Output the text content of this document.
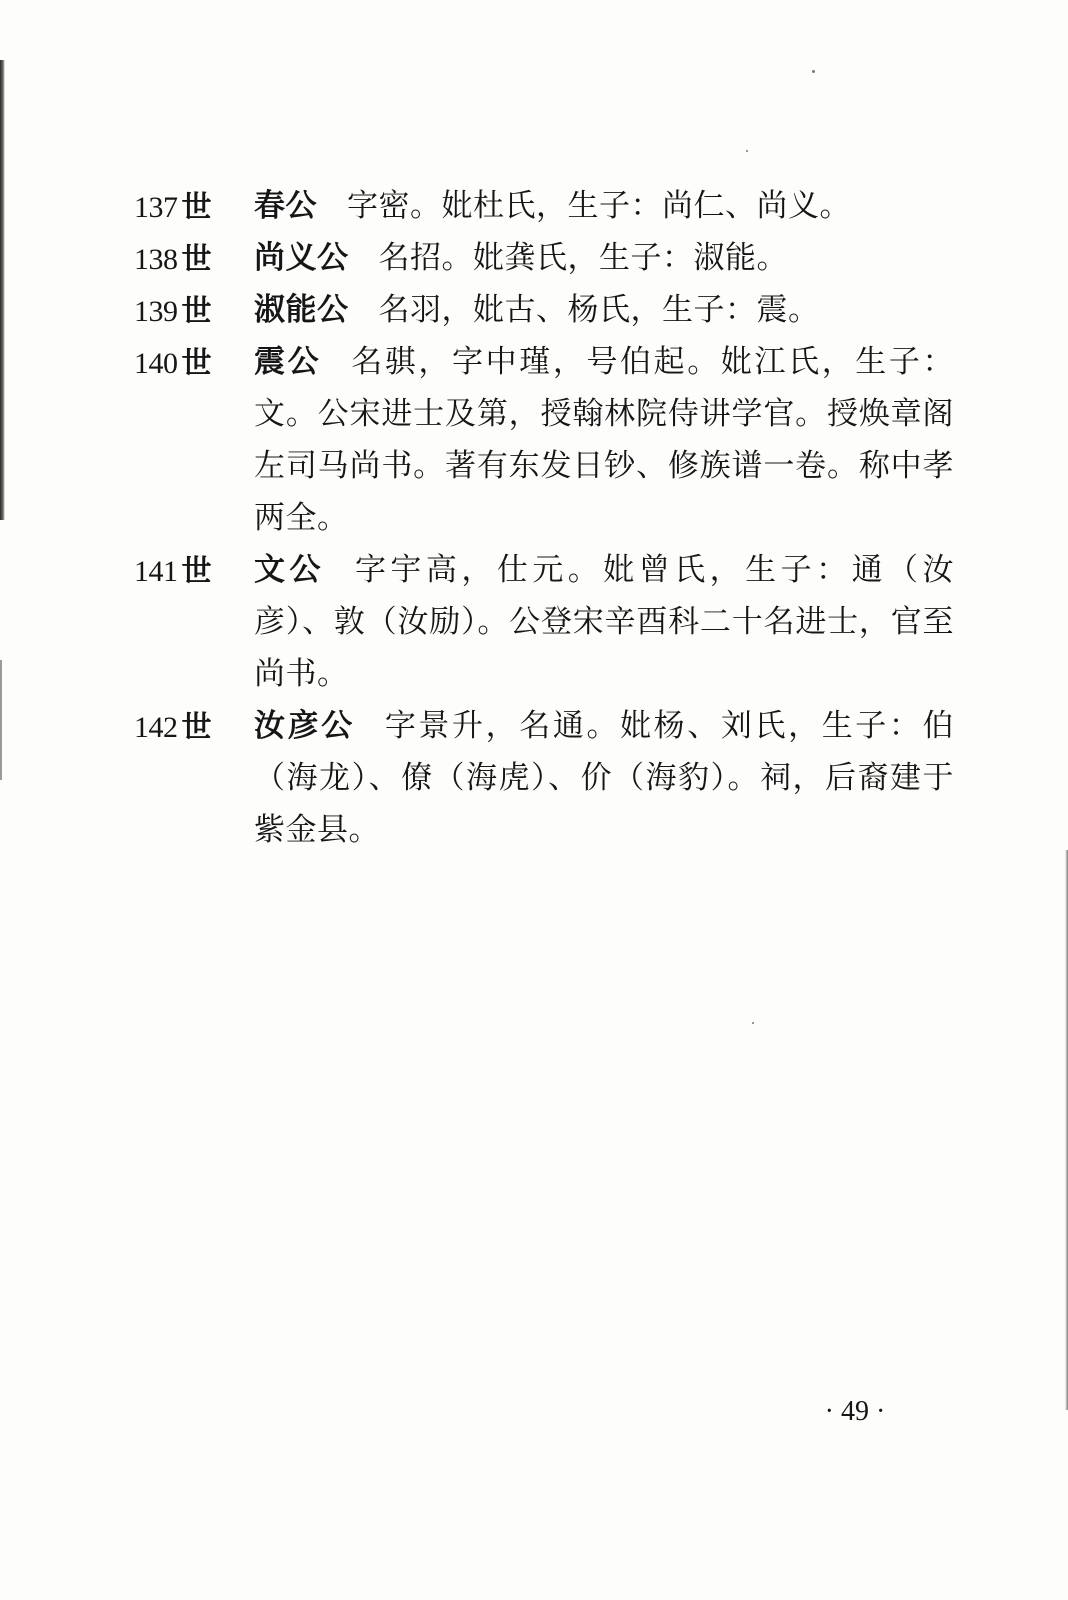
137 世	春公 字密。妣杜氏，生子：尚仁、尚义。
138 世	尚义公 名招。妣龚氏，生子：淑能。
139 世	淑能公 名羽，妣古、杨氏，生子：震。
140 世	震公 名骐，字中瑾，号伯起。妣江氏，生子：文。公宋进士及第，授翰林院侍讲学官。授焕章阁左司马尚书。著有东发日钞、修族谱一卷。称中孝两全。
141 世	文公 字宇高，仕元。妣曾氏，生子：通（汝彦）、敦（汝励）。公登宋辛酉科二十名进士，官至尚书。
142 世	汝彦公 字景升，名通。妣杨、刘氏，生子：伯（海龙）、僚（海虎）、价（海豹）。祠，后裔建于紫金县。
· 49 ·
